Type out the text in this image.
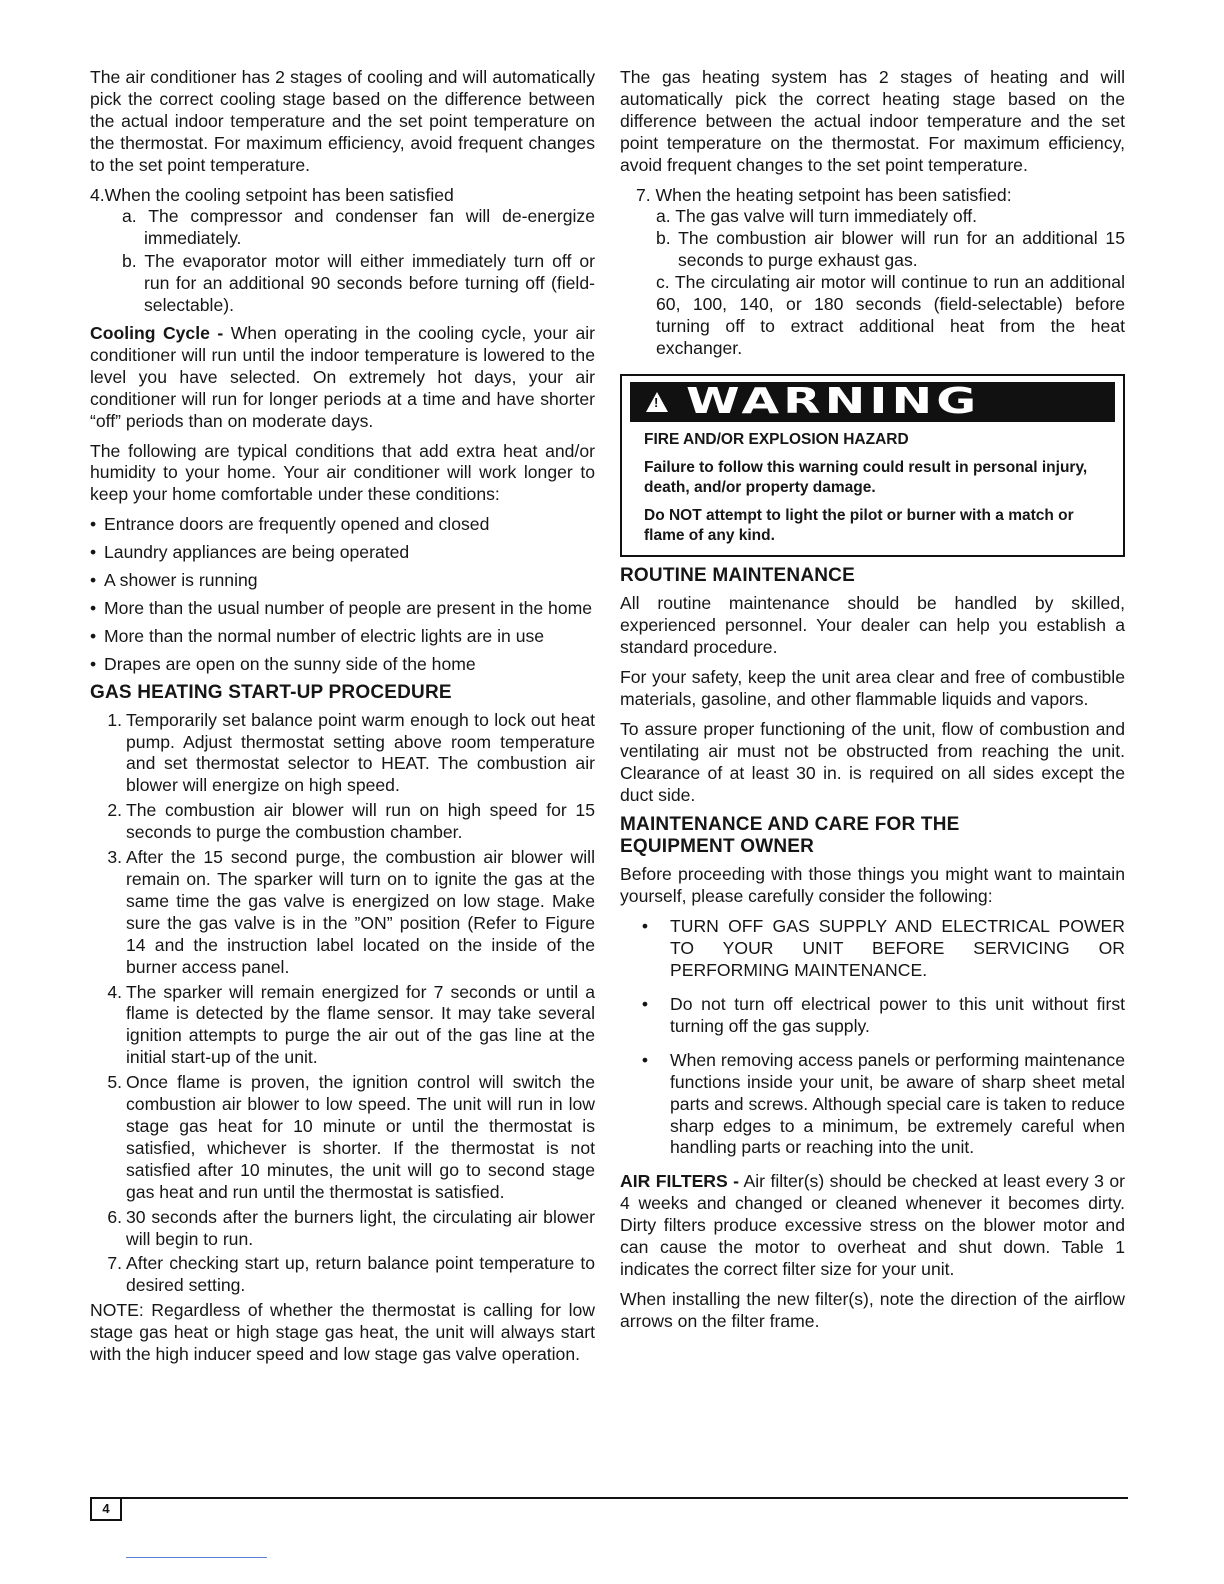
The air conditioner has 2 stages of cooling and will automatically pick the correct cooling stage based on the difference between the actual indoor temperature and the set point temperature on the thermostat. For maximum efficiency, avoid frequent changes to the set point temperature.

4.When the cooling setpoint has been satisfied
a. The compressor and condenser fan will de-energize immediately.
b. The evaporator motor will either immediately turn off or run for an additional 90 seconds before turning off (field-selectable).

Cooling Cycle - When operating in the cooling cycle, your air conditioner will run until the indoor temperature is lowered to the level you have selected. On extremely hot days, your air conditioner will run for longer periods at a time and have shorter “off” periods than on moderate days.

The following are typical conditions that add extra heat and/or humidity to your home. Your air conditioner will work longer to keep your home comfortable under these conditions:

• Entrance doors are frequently opened and closed
• Laundry appliances are being operated
• A shower is running
• More than the usual number of people are present in the home
• More than the normal number of electric lights are in use
• Drapes are open on the sunny side of the home
GAS HEATING START-UP PROCEDURE
1. Temporarily set balance point warm enough to lock out heat pump. Adjust thermostat setting above room temperature and set thermostat selector to HEAT. The combustion air blower will energize on high speed.
2. The combustion air blower will run on high speed for 15 seconds to purge the combustion chamber.
3. After the 15 second purge, the combustion air blower will remain on. The sparker will turn on to ignite the gas at the same time the gas valve is energized on low stage. Make sure the gas valve is in the ”ON” position (Refer to Figure 14 and the instruction label located on the inside of the burner access panel.
4. The sparker will remain energized for 7 seconds or until a flame is detected by the flame sensor. It may take several ignition attempts to purge the air out of the gas line at the initial start-up of the unit.
5. Once flame is proven, the ignition control will switch the combustion air blower to low speed. The unit will run in low stage gas heat for 10 minute or until the thermostat is satisfied, whichever is shorter. If the thermostat is not satisfied after 10 minutes, the unit will go to second stage gas heat and run until the thermostat is satisfied.
6. 30 seconds after the burners light, the circulating air blower will begin to run.
7. After checking start up, return balance point temperature to desired setting.

NOTE: Regardless of whether the thermostat is calling for low stage gas heat or high stage gas heat, the unit will always start with the high inducer speed and low stage gas valve operation.

The gas heating system has 2 stages of heating and will automatically pick the correct heating stage based on the difference between the actual indoor temperature and the set point temperature on the thermostat. For maximum efficiency, avoid frequent changes to the set point temperature.

7. When the heating setpoint has been satisfied:
a. The gas valve will turn immediately off.
b. The combustion air blower will run for an additional 15 seconds to purge exhaust gas.
c. The circulating air motor will continue to run an additional 60, 100, 140, or 180 seconds (field-selectable) before turning off to extract additional heat from the heat exchanger.
! WARNING

FIRE AND/OR EXPLOSION HAZARD

Failure to follow this warning could result in personal injury, death, and/or property damage.

Do NOT attempt to light the pilot or burner with a match or flame of any kind.

ROUTINE MAINTENANCE

All routine maintenance should be handled by skilled, experienced personnel. Your dealer can help you establish a standard procedure.

For your safety, keep the unit area clear and free of combustible materials, gasoline, and other flammable liquids and vapors.

To assure proper functioning of the unit, flow of combustion and ventilating air must not be obstructed from reaching the unit. Clearance of at least 30 in. is required on all sides except the duct side.

MAINTENANCE AND CARE FOR THE
EQUIPMENT OWNER

Before proceeding with those things you might want to maintain yourself, please carefully consider the following:

•	TURN OFF GAS SUPPLY AND ELECTRICAL POWER TO YOUR UNIT BEFORE SERVICING OR PERFORMING MAINTENANCE.
•	Do not turn off electrical power to this unit without first turning off the gas supply.
•	When removing access panels or performing maintenance functions inside your unit, be aware of sharp sheet metal parts and screws. Although special care is taken to reduce sharp edges to a minimum, be extremely careful when handling parts or reaching into the unit.

AIR FILTERS - Air filter(s) should be checked at least every 3 or 4 weeks and changed or cleaned whenever it becomes dirty. Dirty filters produce excessive stress on the blower motor and can cause the motor to overheat and shut down. Table 1 indicates the correct filter size for your unit.

When installing the new filter(s), note the direction of the airflow arrows on the filter frame.

4
